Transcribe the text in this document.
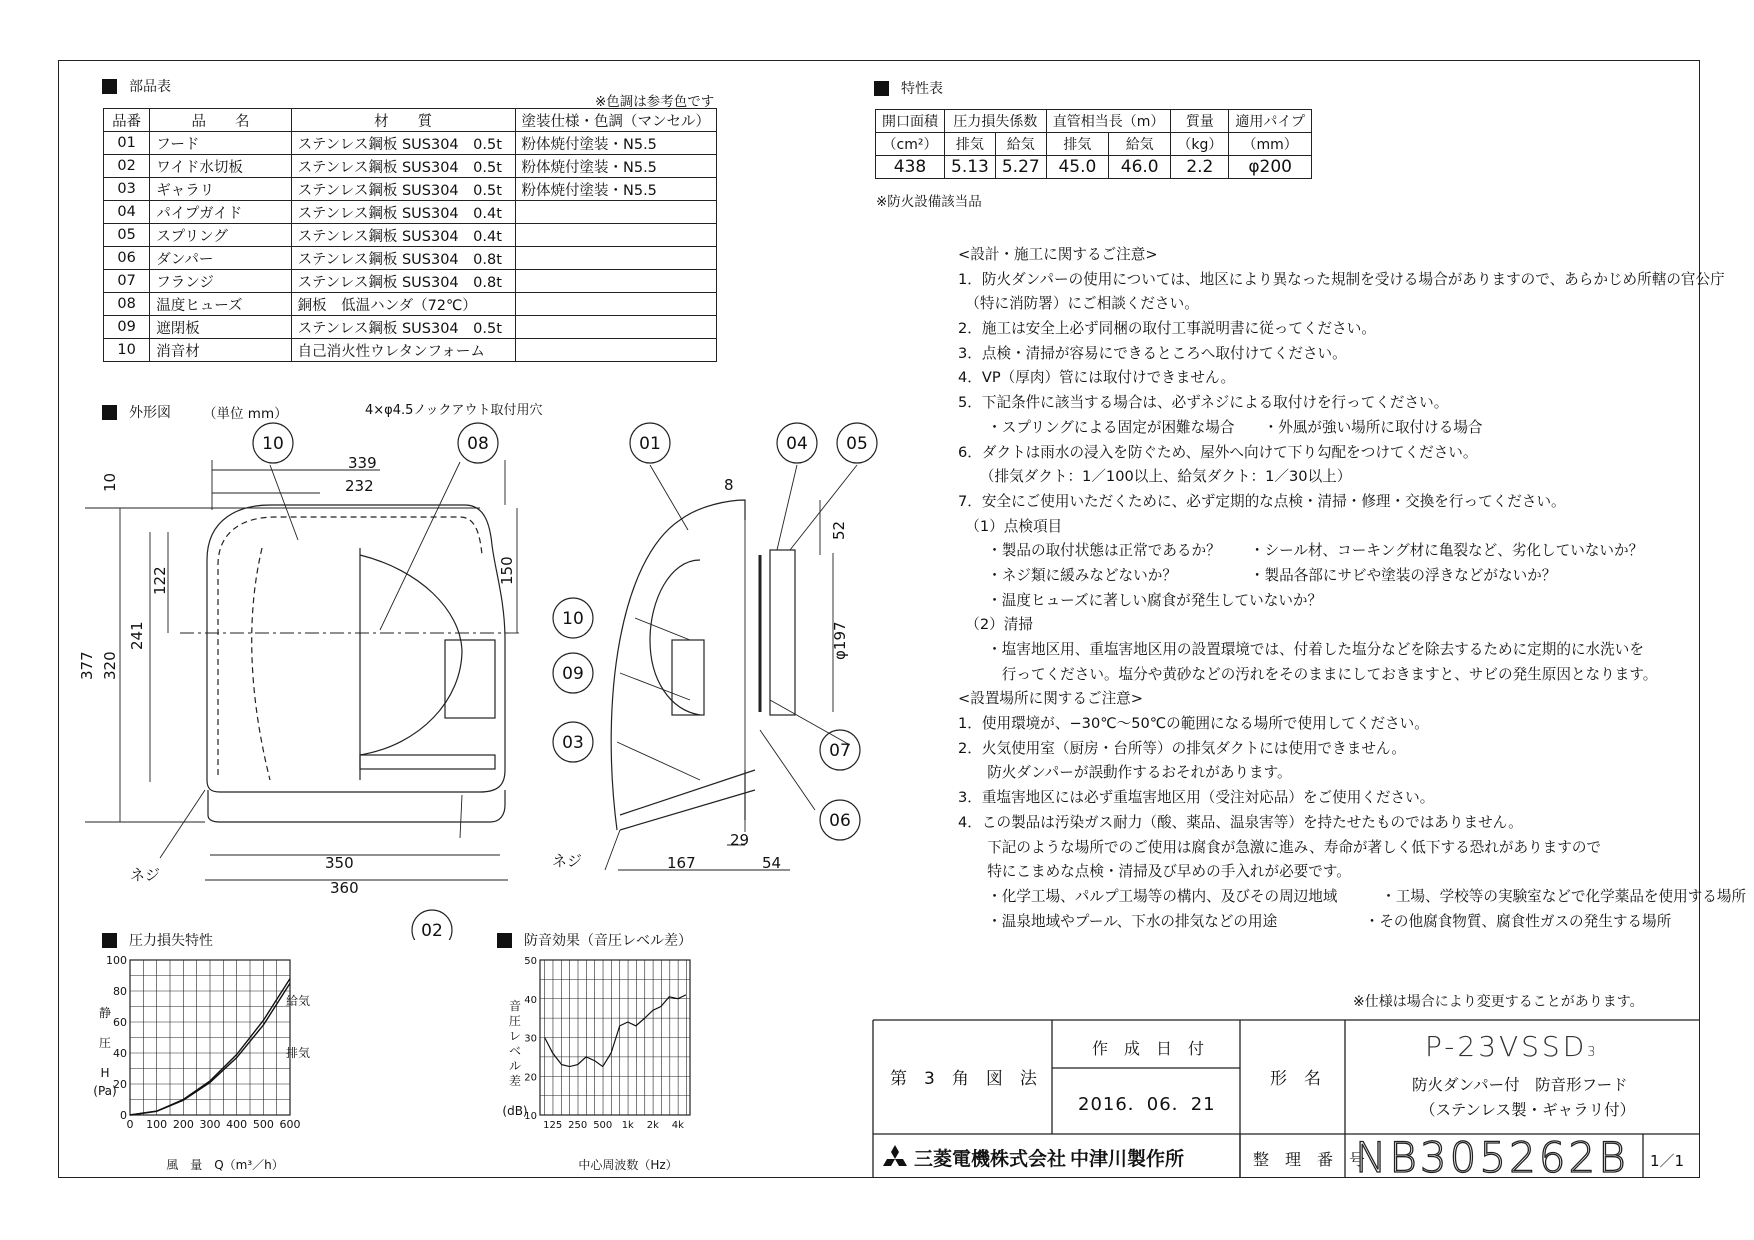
部品表
※色調は参考色です
品番	品　　名	材　　質	塗装仕様・色調（マンセル）
01	フード	ステンレス鋼板 SUS304　0.5t	粉体焼付塗装・N5.5
02	ワイド水切板	ステンレス鋼板 SUS304　0.5t	粉体焼付塗装・N5.5
03	ギャラリ	ステンレス鋼板 SUS304　0.5t	粉体焼付塗装・N5.5
04	パイプガイド	ステンレス鋼板 SUS304　0.4t	
05	スプリング	ステンレス鋼板 SUS304　0.4t	
06	ダンパー	ステンレス鋼板 SUS304　0.8t	
07	フランジ	ステンレス鋼板 SUS304　0.8t	
08	温度ヒューズ	銅板　低温ハンダ（72℃）	
09	遮閉板	ステンレス鋼板 SUS304　0.5t	
10	消音材	自己消火性ウレタンフォーム	
特性表
開口面積	圧力損失係数		直管相当長（m）		質量	適用パイプ
（cm²）	排気	給気	排気	給気	（kg）	（mm）
438	5.13	5.27	45.0	46.0	2.2	φ200
※防火設備該当品
<設計・施工に関するご注意>
1．防火ダンパーの使用については、地区により異なった規制を受ける場合がありますので、あらかじめ所轄の官公庁
　（特に消防署）にご相談ください。
2．施工は安全上必ず同梱の取付工事説明書に従ってください。
3．点検・清掃が容易にできるところへ取付けてください。
4．VP（厚肉）管には取付けできません。
5．下記条件に該当する場合は、必ずネジによる取付けを行ってください。
　　・スプリングによる固定が困難な場合　　・外風が強い場所に取付ける場合
6．ダクトは雨水の浸入を防ぐため、屋外へ向けて下り勾配をつけてください。
　　（排気ダクト：1／100以上、給気ダクト：1／30以上）
7．安全にご使用いただくために、必ず定期的な点検・清掃・修理・交換を行ってください。
　（1）点検項目
　　・製品の取付状態は正常であるか？　　・シール材、コーキング材に亀裂など、劣化していないか？
　　・ネジ類に緩みなどないか？　　　　　・製品各部にサビや塗装の浮きなどがないか？
　　・温度ヒューズに著しい腐食が発生していないか？
　（2）清掃
　　・塩害地区用、重塩害地区用の設置環境では、付着した塩分などを除去するために定期的に水洗いを
　　　行ってください。塩分や黄砂などの汚れをそのままにしておきますと、サビの発生原因となります。
<設置場所に関するご注意>
1．使用環境が、−30℃〜50℃の範囲になる場所で使用してください。
2．火気使用室（厨房・台所等）の排気ダクトには使用できません。
　　防火ダンパーが誤動作するおそれがあります。
3．重塩害地区には必ず重塩害地区用（受注対応品）をご使用ください。
4．この製品は汚染ガス耐力（酸、薬品、温泉害等）を持たせたものではありません。
　　下記のような場所でのご使用は腐食が急激に進み、寿命が著しく低下する恐れがありますので
　　特にこまめな点検・清掃及び早めの手入れが必要です。
　　・化学工場、パルプ工場等の構内、及びその周辺地域　　　・工場、学校等の実験室などで化学薬品を使用する場所
　　・温泉地域やプール、下水の排気などの用途　　　　　　・その他腐食物質、腐食性ガスの発生する場所
※仕様は場合により変更することがあります。
外形図 （単位 mm）
10	08	01	04 05
10
09
03	07
06
02
4×φ4.5ノックアウト取付用穴
339
232
350
360
167	54
29
8
ネジ
ネジ
10
377 320
241
122	150
52
φ197
圧力損失特性	防音効果（音圧レベル差）
0 100 200 300 400 500 600
0
20
40
60
80
100
静
圧
H
(Pa)
風　量　Q（m³／h）
給気
排気
125 250 500 1k 2k 4k
10
20
30
40
50
音
圧
レ
ベ
ル
差
(dB)
中心周波数（Hz）
第　3　角　図　法
作　成　日　付
2016．06．21
形　名
P‐23VSSD3
防火ダンパー付　防音形フード
（ステンレス製・ギャラリ付）
三菱電機株式会社 中津川製作所	整　理　番　号
NB305262B 1／1
